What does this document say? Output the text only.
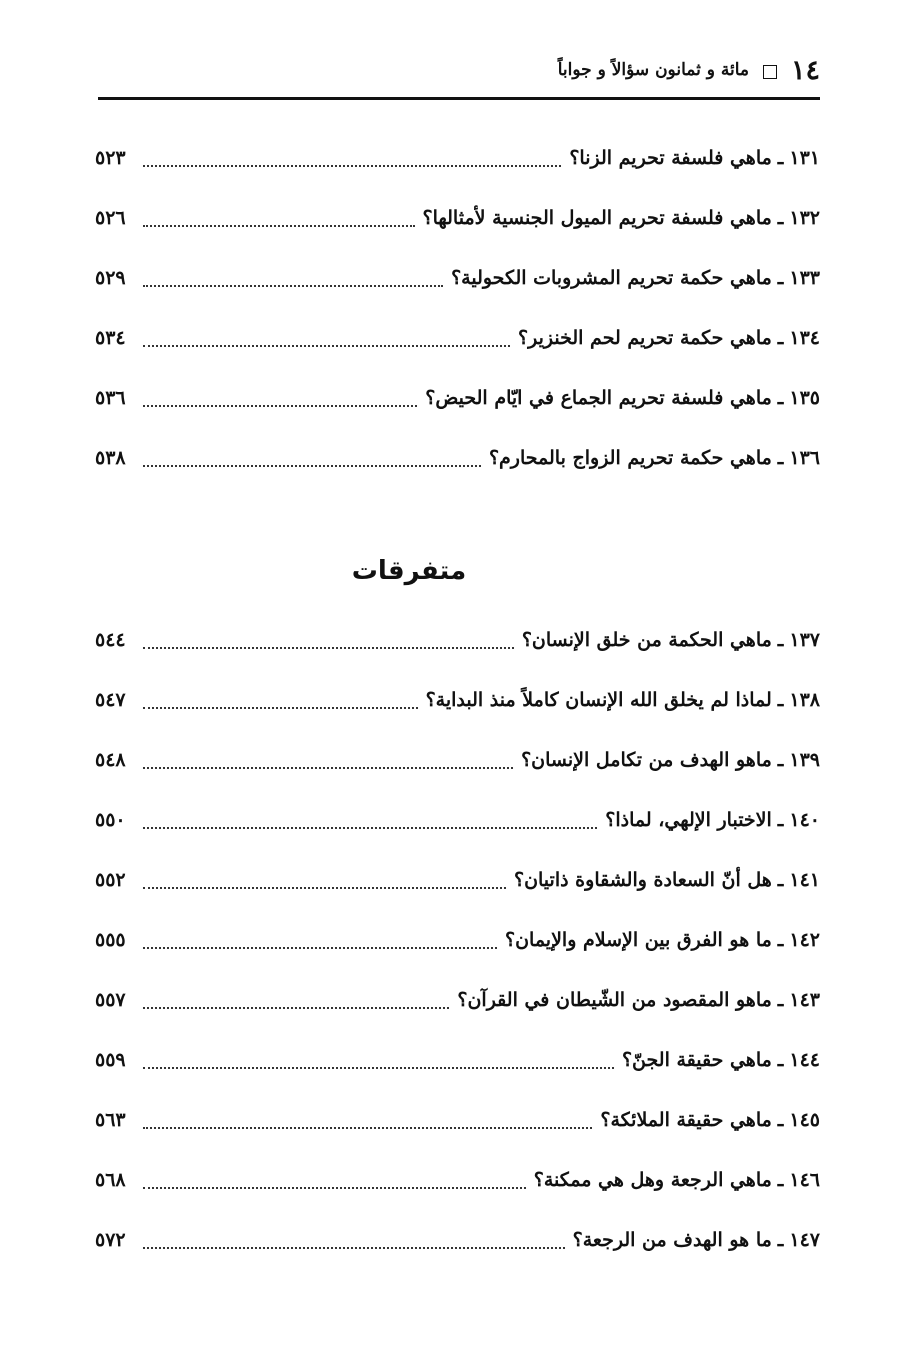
١٤
مائة و ثمانون سؤالاً و جواباً
١٣١
ـ
ماهي فلسفة تحريم الزنا؟
٥٢٣
١٣٢
ـ
ماهي فلسفة تحريم الميول الجنسية لأمثالها؟
٥٢٦
١٣٣
ـ
ماهي حكمة تحريم المشروبات الكحولية؟
٥٢٩
١٣٤
ـ
ماهي حكمة تحريم لحم الخنزير؟
٥٣٤
١٣٥
ـ
ماهي فلسفة تحريم الجماع في ايّام الحيض؟
٥٣٦
١٣٦
ـ
ماهي حكمة تحريم الزواج بالمحارم؟
٥٣٨
متفرقات
١٣٧
ـ
ماهي الحكمة من خلق الإنسان؟
٥٤٤
١٣٨
ـ
لماذا لم يخلق الله الإنسان كاملاً منذ البداية؟
٥٤٧
١٣٩
ـ
ماهو الهدف من تكامل الإنسان؟
٥٤٨
١٤٠
ـ
الاختبار الإلهي، لماذا؟
٥٥٠
١٤١
ـ
هل أنّ السعادة والشقاوة ذاتيان؟
٥٥٢
١٤٢
ـ
ما هو الفرق بين الإسلام والإيمان؟
٥٥٥
١٤٣
ـ
ماهو المقصود من الشّيطان في القرآن؟
٥٥٧
١٤٤
ـ
ماهي حقيقة الجنّ؟
٥٥٩
١٤٥
ـ
ماهي حقيقة الملائكة؟
٥٦٣
١٤٦
ـ
ماهي الرجعة وهل هي ممكنة؟
٥٦٨
١٤٧
ـ
ما هو الهدف من الرجعة؟
٥٧٢
